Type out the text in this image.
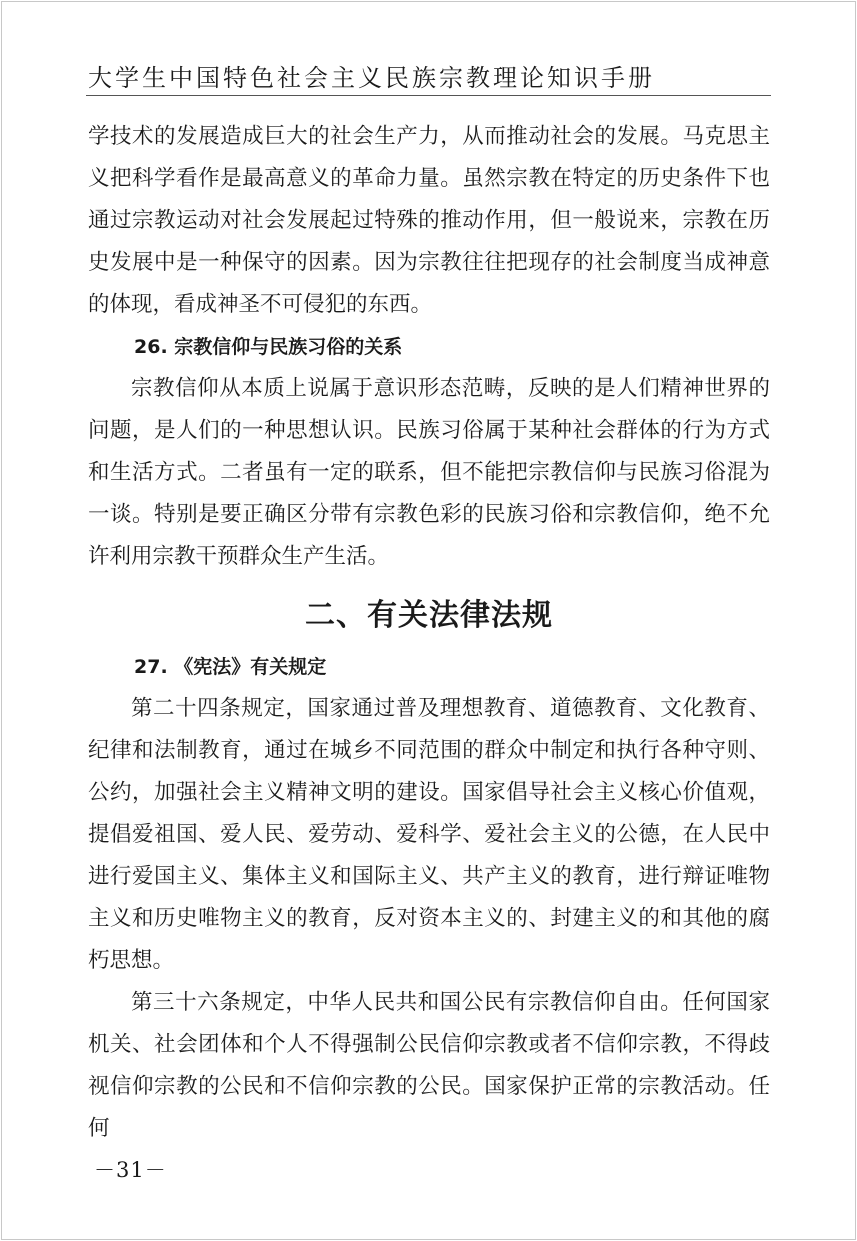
大学生中国特色社会主义民族宗教理论知识手册

学技术的发展造成巨大的社会生产力，从而推动社会的发展。马克思主义把科学看作是最高意义的革命力量。虽然宗教在特定的历史条件下也通过宗教运动对社会发展起过特殊的推动作用，但一般说来，宗教在历史发展中是一种保守的因素。因为宗教往往把现存的社会制度当成神意的体现，看成神圣不可侵犯的东西。

26. 宗教信仰与民族习俗的关系

宗教信仰从本质上说属于意识形态范畴，反映的是人们精神世界的问题，是人们的一种思想认识。民族习俗属于某种社会群体的行为方式和生活方式。二者虽有一定的联系，但不能把宗教信仰与民族习俗混为一谈。特别是要正确区分带有宗教色彩的民族习俗和宗教信仰，绝不允许利用宗教干预群众生产生活。

二、有关法律法规

27. 《宪法》有关规定

第二十四条规定，国家通过普及理想教育、道德教育、文化教育、纪律和法制教育，通过在城乡不同范围的群众中制定和执行各种守则、公约，加强社会主义精神文明的建设。国家倡导社会主义核心价值观，提倡爱祖国、爱人民、爱劳动、爱科学、爱社会主义的公德，在人民中进行爱国主义、集体主义和国际主义、共产主义的教育，进行辩证唯物主义和历史唯物主义的教育，反对资本主义的、封建主义的和其他的腐朽思想。

第三十六条规定，中华人民共和国公民有宗教信仰自由。任何国家机关、社会团体和个人不得强制公民信仰宗教或者不信仰宗教，不得歧视信仰宗教的公民和不信仰宗教的公民。国家保护正常的宗教活动。任何

－31－
